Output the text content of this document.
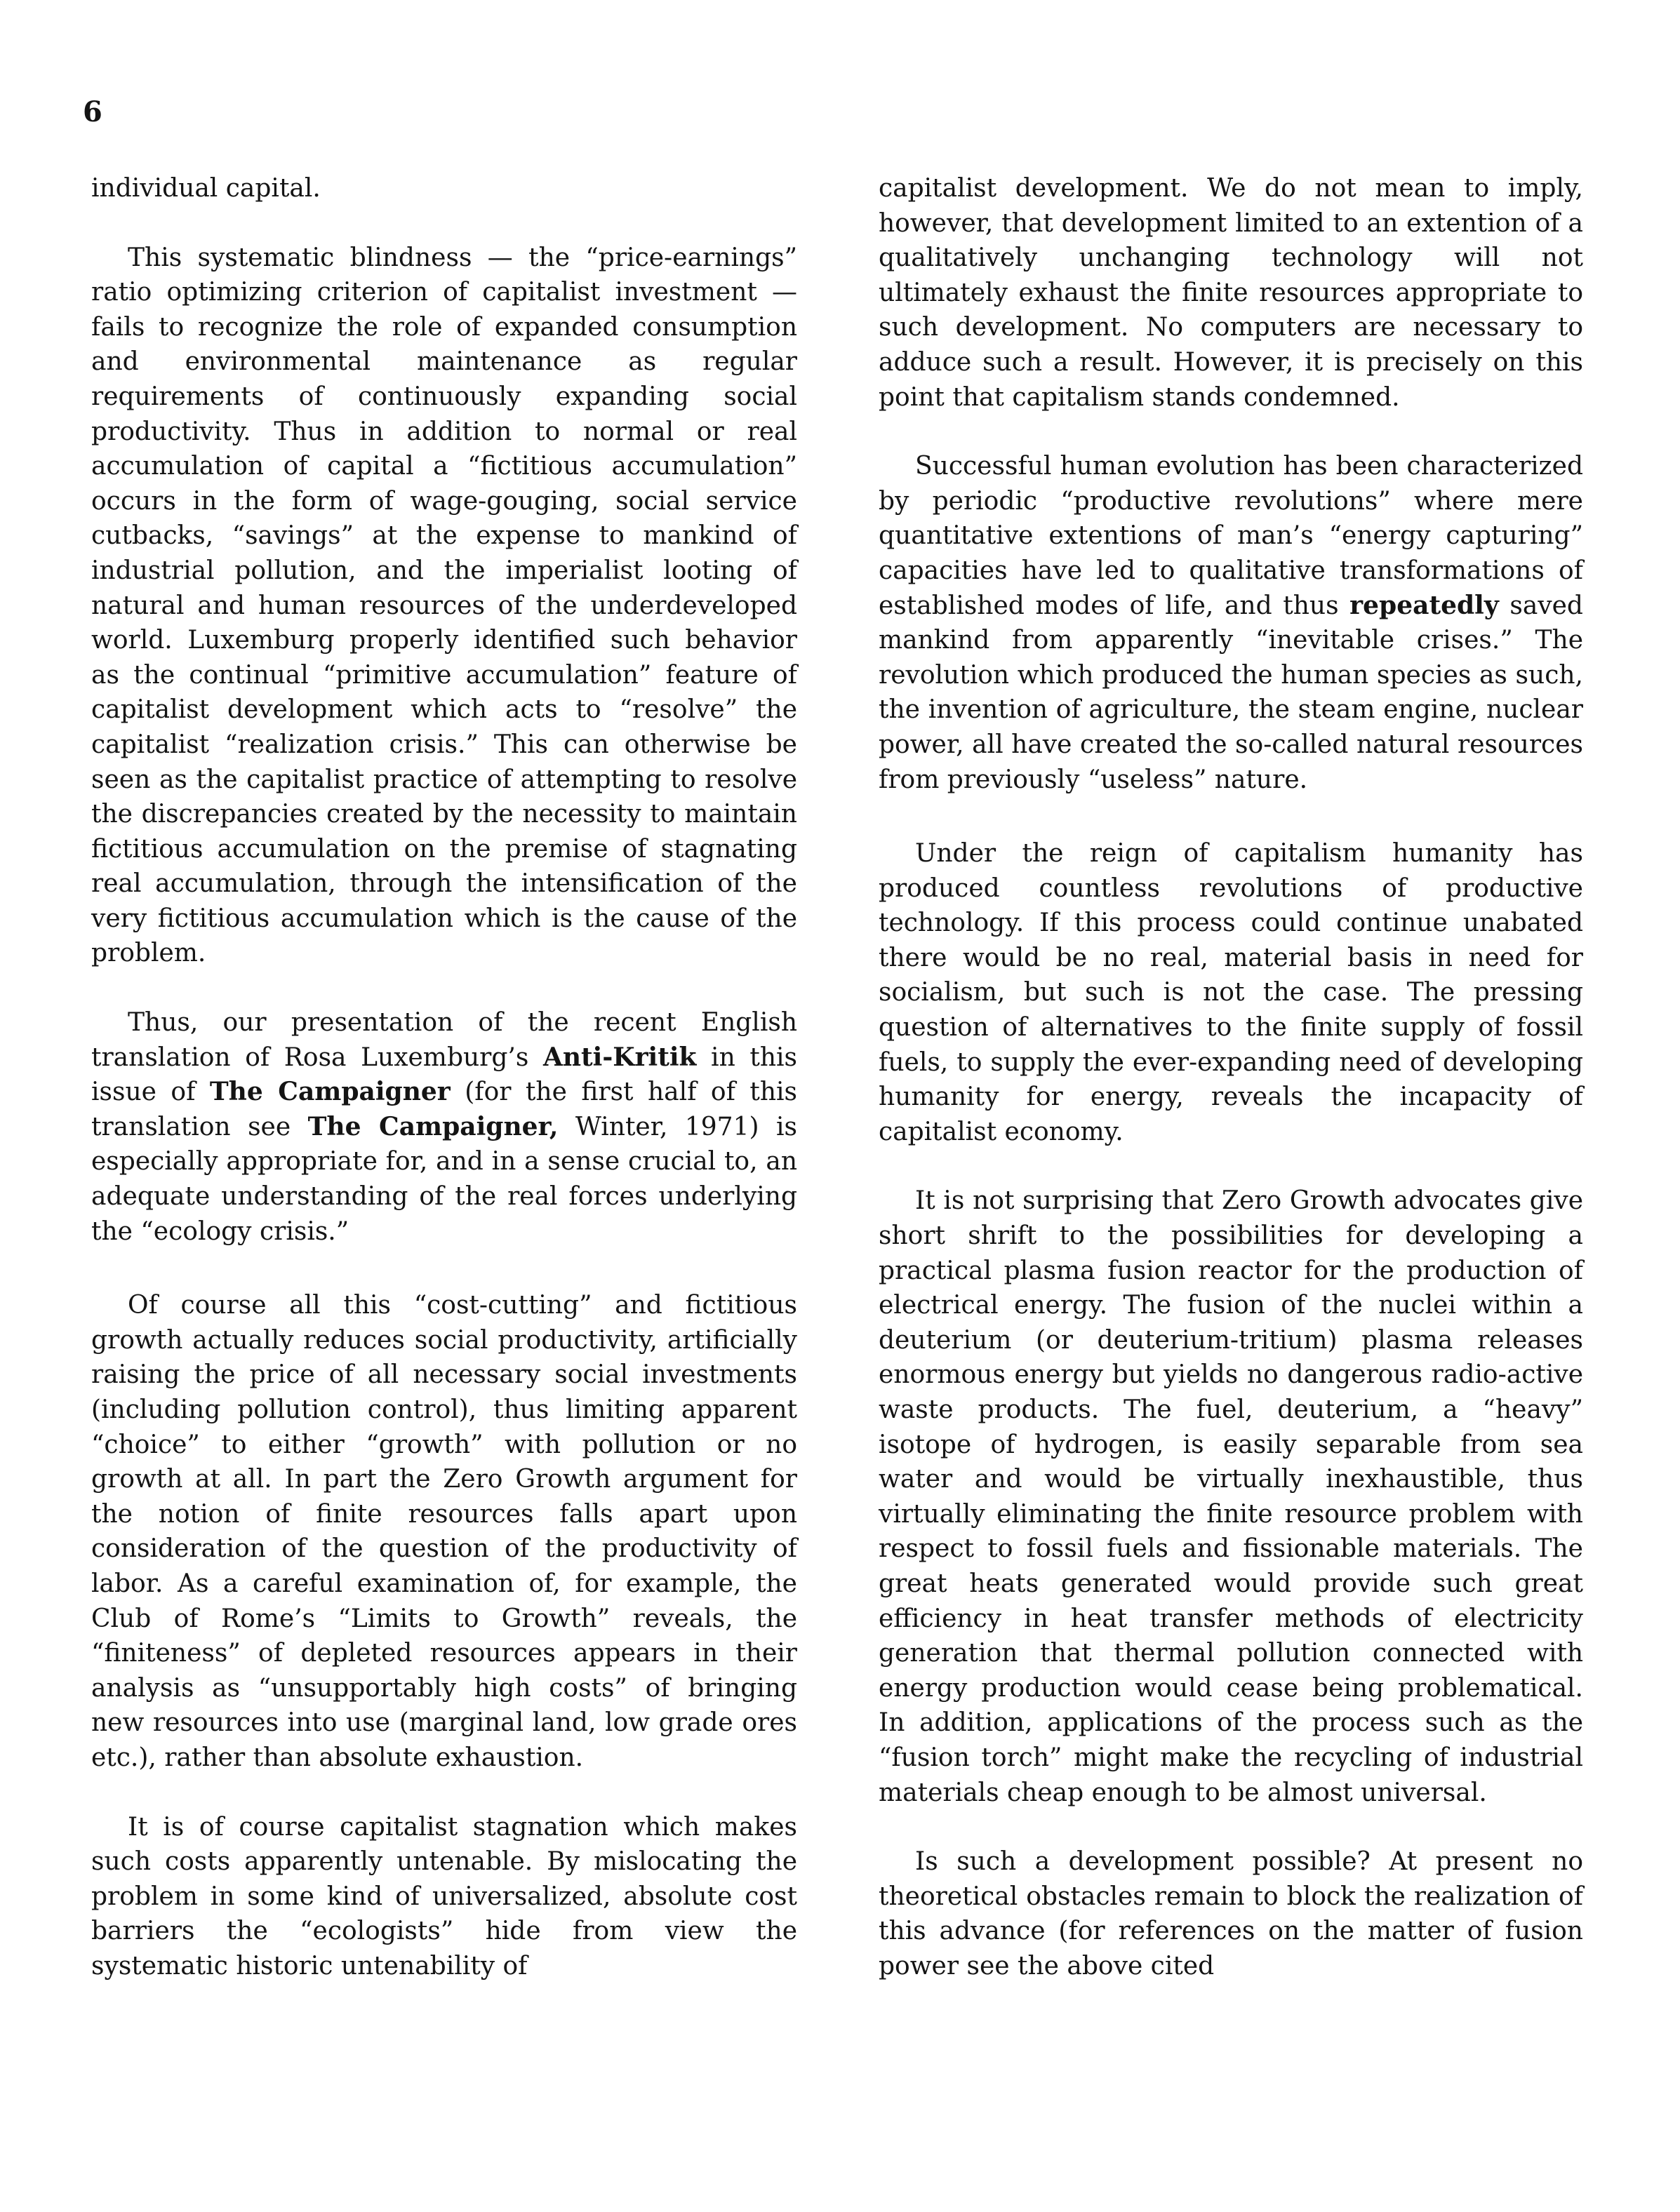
6

individual capital.

This systematic blindness — the “price-earnings” ratio optimizing criterion of capitalist investment — fails to recognize the role of expanded consumption and environmental maintenance as regular requirements of continuously expanding social productivity. Thus in addition to normal or real accumulation of capital a “fictitious accumulation” occurs in the form of wage-gouging, social service cutbacks, “savings” at the expense to mankind of industrial pollution, and the imperialist looting of natural and human resources of the underdeveloped world. Luxemburg properly identified such behavior as the continual “primitive accumulation” feature of capitalist development which acts to “resolve” the capitalist “realization crisis.” This can otherwise be seen as the capitalist practice of attempting to resolve the discrepancies created by the necessity to maintain fictitious accumulation on the premise of stagnating real accumulation, through the intensification of the very fictitious accumulation which is the cause of the problem.

Thus, our presentation of the recent English translation of Rosa Luxemburg’s Anti-Kritik in this issue of The Campaigner (for the first half of this translation see The Campaigner, Winter, 1971) is especially appropriate for, and in a sense crucial to, an adequate understanding of the real forces underlying the “ecology crisis.”

Of course all this “cost-cutting” and fictitious growth actually reduces social productivity, artificially raising the price of all necessary social investments (including pollution control), thus limiting apparent “choice” to either “growth” with pollution or no growth at all. In part the Zero Growth argument for the notion of finite resources falls apart upon consideration of the question of the productivity of labor. As a careful examination of, for example, the Club of Rome’s “Limits to Growth” reveals, the “finiteness” of depleted resources appears in their analysis as “unsupportably high costs” of bringing new resources into use (marginal land, low grade ores etc.), rather than absolute exhaustion.

It is of course capitalist stagnation which makes such costs apparently untenable. By mislocating the problem in some kind of universalized, absolute cost barriers the “ecologists” hide from view the systematic historic untenability of

capitalist development. We do not mean to imply, however, that development limited to an extention of a qualitatively unchanging technology will not ultimately exhaust the finite resources appropriate to such development. No computers are necessary to adduce such a result. However, it is precisely on this point that capitalism stands condemned.

Successful human evolution has been characterized by periodic “productive revolutions” where mere quantitative extentions of man’s “energy capturing” capacities have led to qualitative transformations of established modes of life, and thus repeatedly saved mankind from apparently “inevitable crises.” The revolution which produced the human species as such, the invention of agriculture, the steam engine, nuclear power, all have created the so-called natural resources from previously “useless” nature.

Under the reign of capitalism humanity has produced countless revolutions of productive technology. If this process could continue unabated there would be no real, material basis in need for socialism, but such is not the case. The pressing question of alternatives to the finite supply of fossil fuels, to supply the ever-expanding need of developing humanity for energy, reveals the incapacity of capitalist economy.

It is not surprising that Zero Growth advocates give short shrift to the possibilities for developing a practical plasma fusion reactor for the production of electrical energy. The fusion of the nuclei within a deuterium (or deuterium-tritium) plasma releases enormous energy but yields no dangerous radio-active waste products. The fuel, deuterium, a “heavy” isotope of hydrogen, is easily separable from sea water and would be virtually inexhaustible, thus virtually eliminating the finite resource problem with respect to fossil fuels and fissionable materials. The great heats generated would provide such great efficiency in heat transfer methods of electricity generation that thermal pollution connected with energy production would cease being problematical. In addition, applications of the process such as the “fusion torch” might make the recycling of industrial materials cheap enough to be almost universal.

Is such a development possible? At present no theoretical obstacles remain to block the realization of this advance (for references on the matter of fusion power see the above cited
